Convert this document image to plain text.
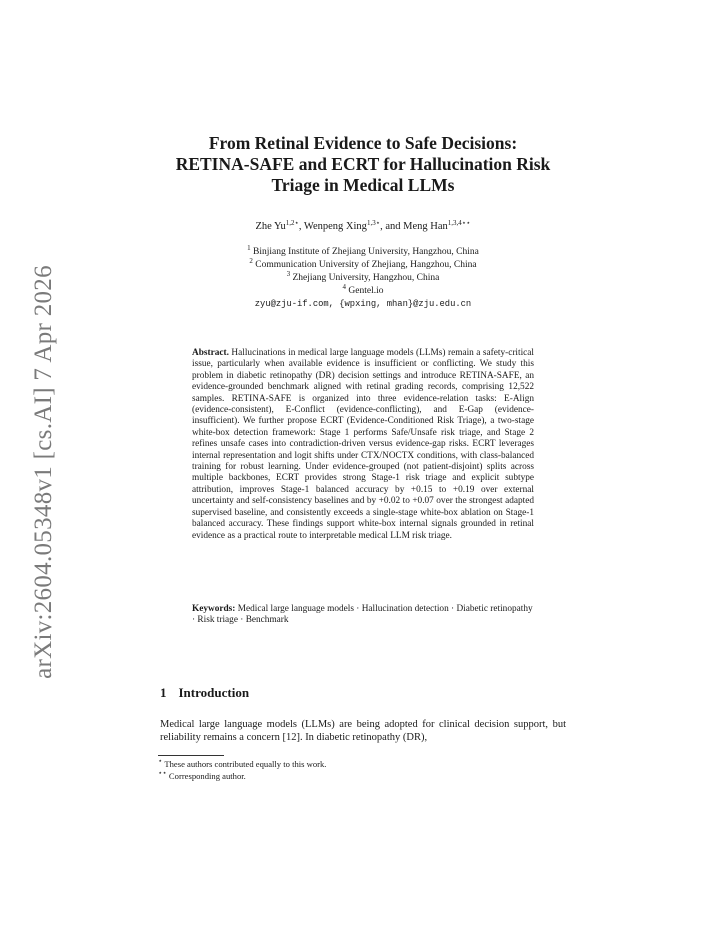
arXiv:2604.05348v1 [cs.AI] 7 Apr 2026
From Retinal Evidence to Safe Decisions:
RETINA-SAFE and ECRT for Hallucination Risk
Triage in Medical LLMs
Zhe $Yu^{1,2⋆}$, Wenpeng Xing$^{1,3⋆}$, and Meng Han$^{1,3,4⋆⋆}$
$^1$ Binjiang Institute of Zhejiang University, Hangzhou, China
$^2$ Communication University of Zhejiang, Hangzhou, China
$^3$ Zhejiang University, Hangzhou, China
$^4$ Gentel.io
zyu@zju-if.com, {wpxing, mhan}@zju.edu.cn
Abstract. Hallucinations in medical large language models (LLMs) remain a safety-critical issue, particularly when available evidence is insufficient or conflicting. We study this problem in diabetic retinopathy (DR) decision settings and introduce RETINA-SAFE, an evidence-grounded benchmark aligned with retinal grading records, comprising 12,522 samples. RETINA-SAFE is organized into three evidence-relation tasks: E-Align (evidence-consistent), E-Conflict (evidence-conflicting), and E-Gap (evidence-insufficient). We further propose ECRT (Evidence-Conditioned Risk Triage), a two-stage white-box detection framework: Stage 1 performs Safe/Unsafe risk triage, and Stage 2 refines unsafe cases into contradiction-driven versus evidence-gap risks. ECRT leverages internal representation and logit shifts under CTX/NOCTX conditions, with class-balanced training for robust learning. Under evidence-grouped (not patient-disjoint) splits across multiple backbones, ECRT provides strong Stage-1 risk triage and explicit subtype attribution, improves Stage-1 balanced accuracy by +0.15 to +0.19 over external uncertainty and self-consistency baselines and by +0.02 to +0.07 over the strongest adapted supervised baseline, and consistently exceeds a single-stage white-box ablation on Stage-1 balanced accuracy. These findings support white-box internal signals grounded in retinal evidence as a practical route to interpretable medical LLM risk triage.
Keywords: Medical large language models · Hallucination detection · Diabetic retinopathy · Risk triage · Benchmark
1 Introduction
Medical large language models (LLMs) are being adopted for clinical decision support, but reliability remains a concern [12]. In diabetic retinopathy (DR),
⋆ These authors contributed equally to this work.
⋆⋆ Corresponding author.
